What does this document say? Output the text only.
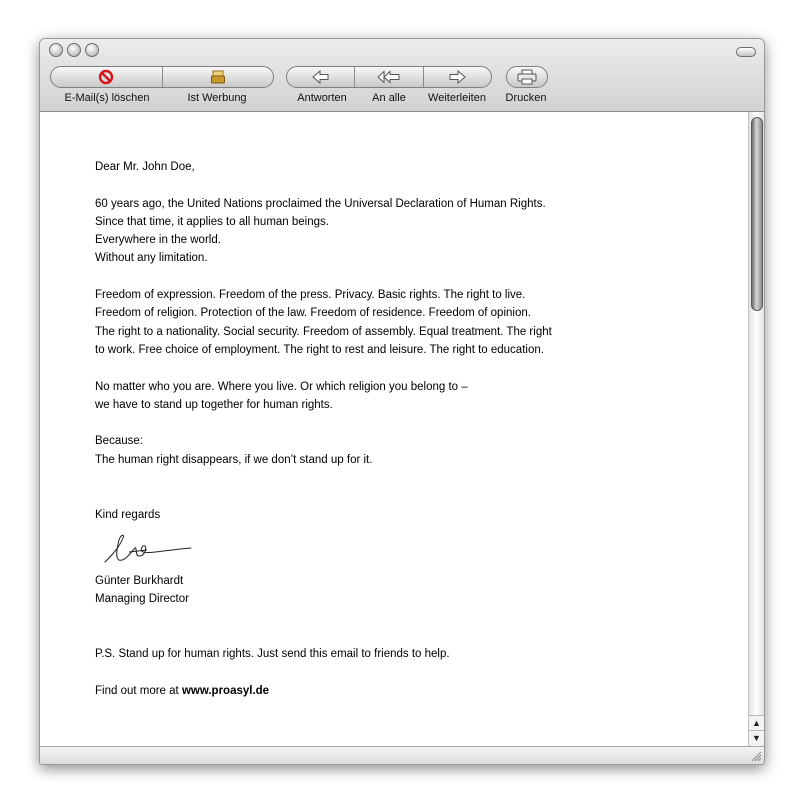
E-Mail(s) löschen	Ist Werbung	Antworten An alle Weiterleiten Drucken

Dear Mr. John Doe,

60 years ago, the United Nations proclaimed the Universal Declaration of Human Rights.

Since that time, it applies to all human beings.

Everywhere in the world.

Without any limitation.

Freedom of expression. Freedom of the press. Privacy. Basic rights. The right to live.

Freedom of religion. Protection of the law. Freedom of residence. Freedom of opinion.

The right to a nationality. Social security. Freedom of assembly. Equal treatment. The right

to work. Free choice of employment. The right to rest and leisure. The right to education.

No matter who you are. Where you live. Or which religion you belong to –

we have to stand up together for human rights.

Because:

The human right disappears, if we don’t stand up for it.

Kind regards

Günter Burkhardt

Managing Director

P.S. Stand up for human rights. Just send this email to friends to help.

Find out more at www.proasyl.de

▲
▼
